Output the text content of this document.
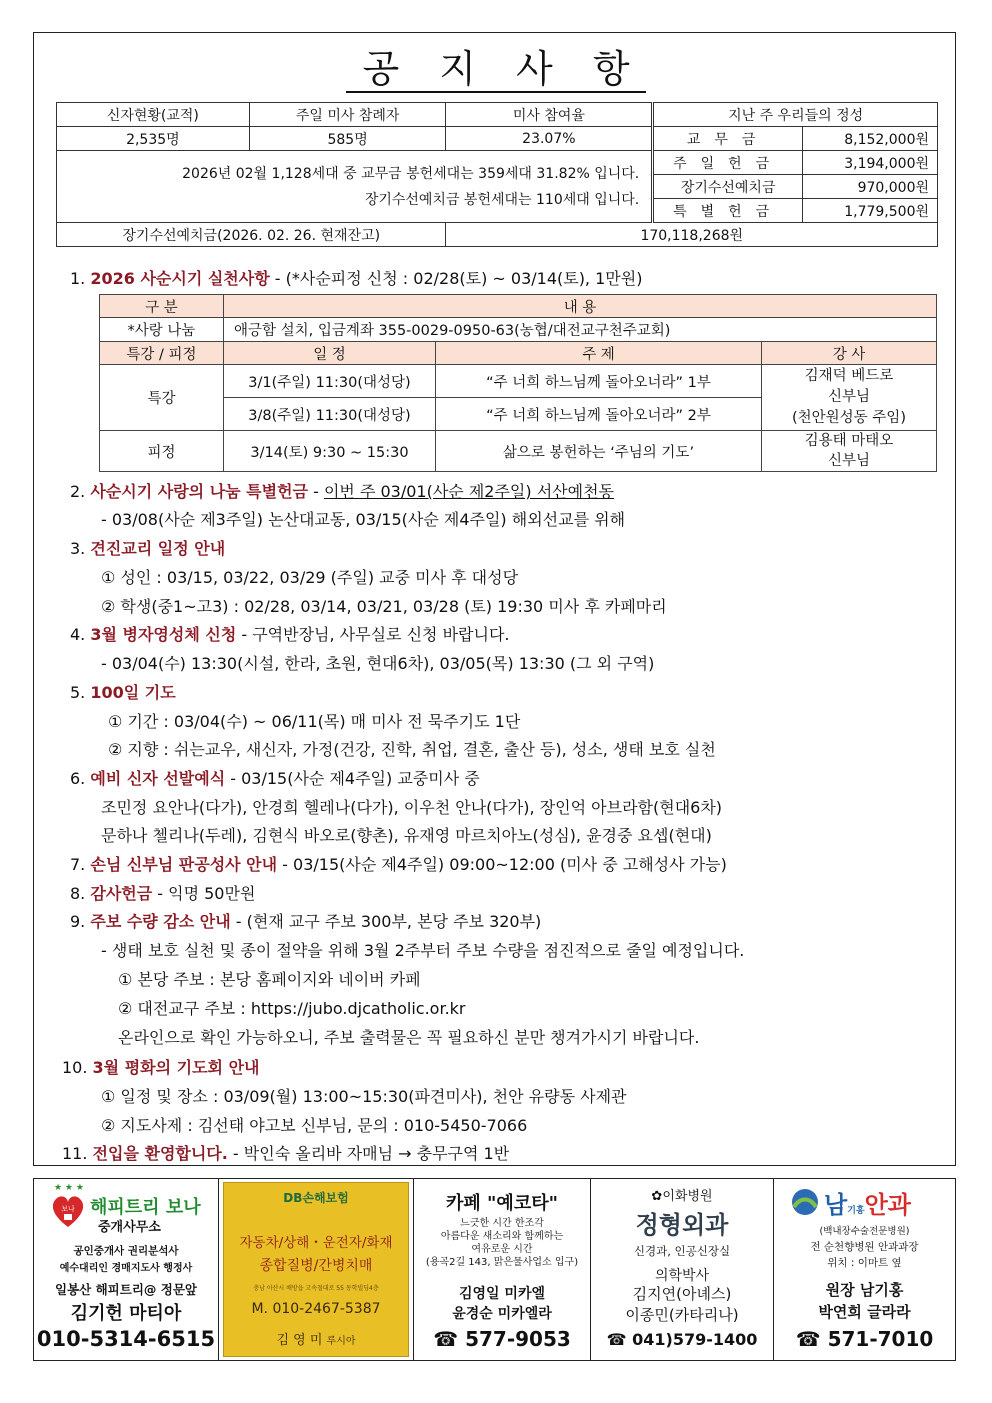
공 지 사 항
신자현황(교적)	주일 미사 참례자	미사 참여율	지난 주 우리들의 정성	
2,535명	585명	23.07%	교무금	8,152,000원

2026년 02월 1,128세대 중 교무금 봉헌세대는 359세대 31.82% 입니다.
장기수선예치금 봉헌세대는 110세대 입니다.			주일헌금	3,194,000원
			장기수선예치금	970,000원
			특별헌금	1,779,500원
장기수선예치금(2026. 02. 26. 현재잔고)		170,118,268원		
1. 2026 사순시기 실천사항 - (*사순피정 신청 : 02/28(토) ~ 03/14(토), 1만원)
구 분	내 용		
*사랑 나눔	애긍함 설치, 입금계좌 355-0029-0950-63(농협/대전교구천주교회)		
특강 / 피정	일 정	주 제	강 사
특강	3/1(주일) 11:30(대성당)	“주 너희 하느님께 돌아오너라” 1부	김재덕 베드로
신부님
(천안원성동 주임)

	3/8(주일) 11:30(대성당)	“주 너희 하느님께 돌아오너라” 2부	
피정	3/14(토) 9:30 ~ 15:30	삶으로 봉헌하는 ‘주님의 기도’	김용태 마태오
신부님
2. 사순시기 사랑의 나눔 특별헌금 - 이번 주 03/01(사순 제2주일) 서산예천동
- 03/08(사순 제3주일) 논산대교동, 03/15(사순 제4주일) 해외선교를 위해
3. 견진교리 일정 안내
① 성인 : 03/15, 03/22, 03/29 (주일) 교중 미사 후 대성당
② 학생(중1~고3) : 02/28, 03/14, 03/21, 03/28 (토) 19:30 미사 후 카페마리
4. 3월 병자영성체 신청 - 구역반장님, 사무실로 신청 바랍니다.
- 03/04(수) 13:30(시설, 한라, 초원, 현대6차), 03/05(목) 13:30 (그 외 구역)
5. 100일 기도
① 기간 : 03/04(수) ~ 06/11(목) 매 미사 전 묵주기도 1단
② 지향 : 쉬는교우, 새신자, 가정(건강, 진학, 취업, 결혼, 출산 등), 성소, 생태 보호 실천
6. 예비 신자 선발예식 - 03/15(사순 제4주일) 교중미사 중
조민정 요안나(다가), 안경희 헬레나(다가), 이우천 안나(다가), 장인억 아브라함(현대6차)
문하나 첼리나(두레), 김현식 바오로(향촌), 유재영 마르치아노(성심), 윤경중 요셉(현대)
7. 손님 신부님 판공성사 안내 - 03/15(사순 제4주일) 09:00~12:00 (미사 중 고해성사 가능)
8. 감사헌금 - 익명 50만원
9. 주보 수량 감소 안내 - (현재 교구 주보 300부, 본당 주보 320부)
- 생태 보호 실천 및 종이 절약을 위해 3월 2주부터 주보 수량을 점진적으로 줄일 예정입니다.
① 본당 주보 : 본당 홈페이지와 네이버 카페
② 대전교구 주보 : https://jubo.djcatholic.or.kr
온라인으로 확인 가능하오니, 주보 출력물은 꼭 필요하신 분만 챙겨가시기 바랍니다.
10. 3월 평화의 기도회 안내
① 일정 및 장소 : 03/09(월) 13:00~15:30(파견미사), 천안 유량동 사제관
② 지도사제 : 김선태 야고보 신부님, 문의 : 010-5450-7066
11. 전입을 환영합니다. - 박인숙 올리바 자매님 → 충무구역 1반
보나
★ ★ ★
해피트리 보나
중개사무소
공인중개사 권리분석사
예수대리인 경매지도사 행정사
일봉산 해피트리@ 정문앞
김기헌 마티아
010-5314-6515
DB손해보험
자동차/상해・운전자/화재
종합질병/간병치매
충남 아산시 배방읍 고속철대로 55 동학빌딩4층
M. 010-2467-5387
김 영 미 루시아
카페 "예코타"
느긋한 시간 한조각
아름다운 새소리와 함께하는
여유로운 시간
(용곡2길 143, 맑은물사업소 입구)
김영일 미카엘
윤경순 미카엘라
☎ 577-9053
✿이화병원
정형외과
신경과, 인공신장실
의학박사
김지연(아녜스)
이종민(카타리나)
☎ 041)579-1400
남기홍안과
(백내장수술전문병원)
전 순천향병원 안과과장
위치 : 이마트 옆
원장 남기홍
박연희 글라라
☎ 571-7010
